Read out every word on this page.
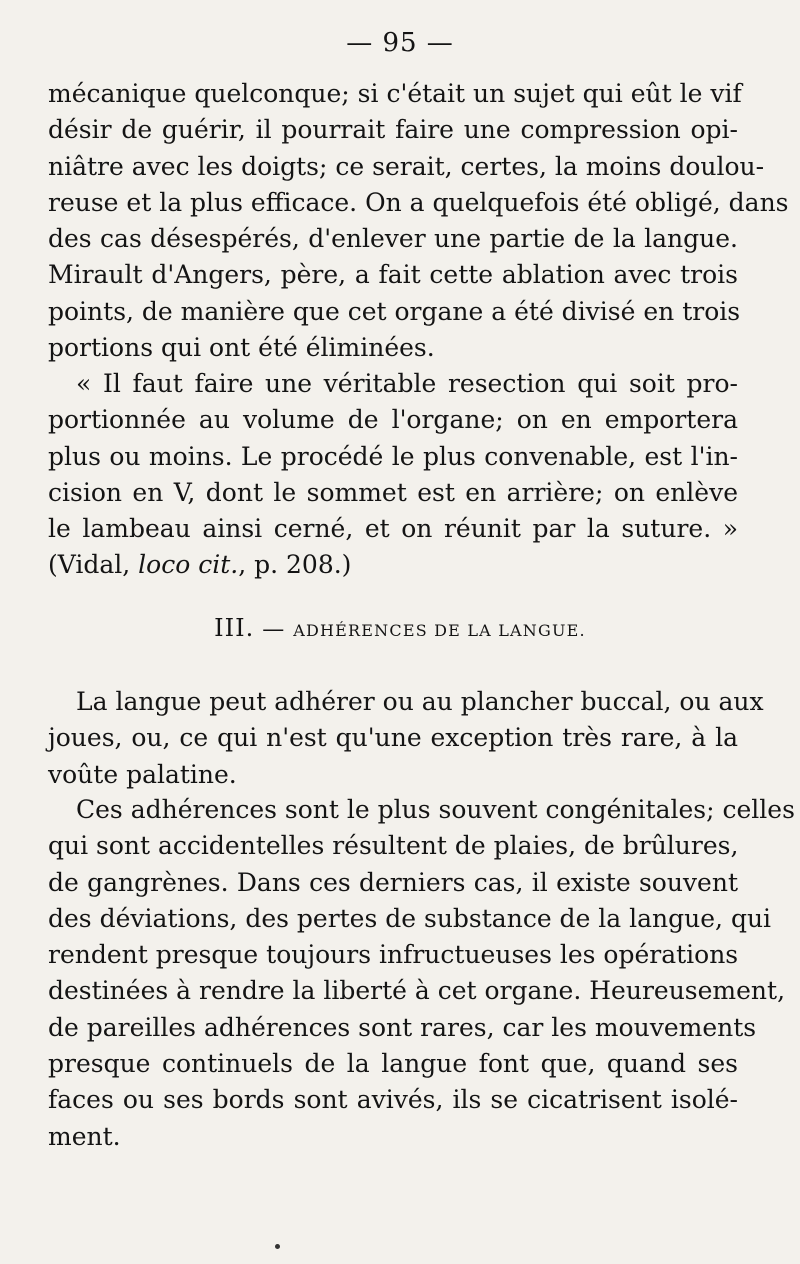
— 95 —
mécanique quelconque; si c'était un sujet qui eût le vif
désir de guérir, il pourrait faire une compression opi-
niâtre avec les doigts; ce serait, certes, la moins doulou-
reuse et la plus efficace. On a quelquefois été obligé, dans
des cas désespérés, d'enlever une partie de la langue.
Mirault d'Angers, père, a fait cette ablation avec trois
points, de manière que cet organe a été divisé en trois
portions qui ont été éliminées.
« Il faut faire une véritable resection qui soit pro-
portionnée au volume de l'organe; on en emportera
plus ou moins. Le procédé le plus convenable, est l'in-
cision en V, dont le sommet est en arrière; on enlève
le lambeau ainsi cerné, et on réunit par la suture. »
(Vidal, loco cit., p. 208.)
III. — ADHÉRENCES DE LA LANGUE.
La langue peut adhérer ou au plancher buccal, ou aux
joues, ou, ce qui n'est qu'une exception très rare, à la
voûte palatine.
Ces adhérences sont le plus souvent congénitales; celles
qui sont accidentelles résultent de plaies, de brûlures,
de gangrènes. Dans ces derniers cas, il existe souvent
des déviations, des pertes de substance de la langue, qui
rendent presque toujours infructueuses les opérations
destinées à rendre la liberté à cet organe. Heureusement,
de pareilles adhérences sont rares, car les mouvements
presque continuels de la langue font que, quand ses
faces ou ses bords sont avivés, ils se cicatrisent isolé-
ment.
